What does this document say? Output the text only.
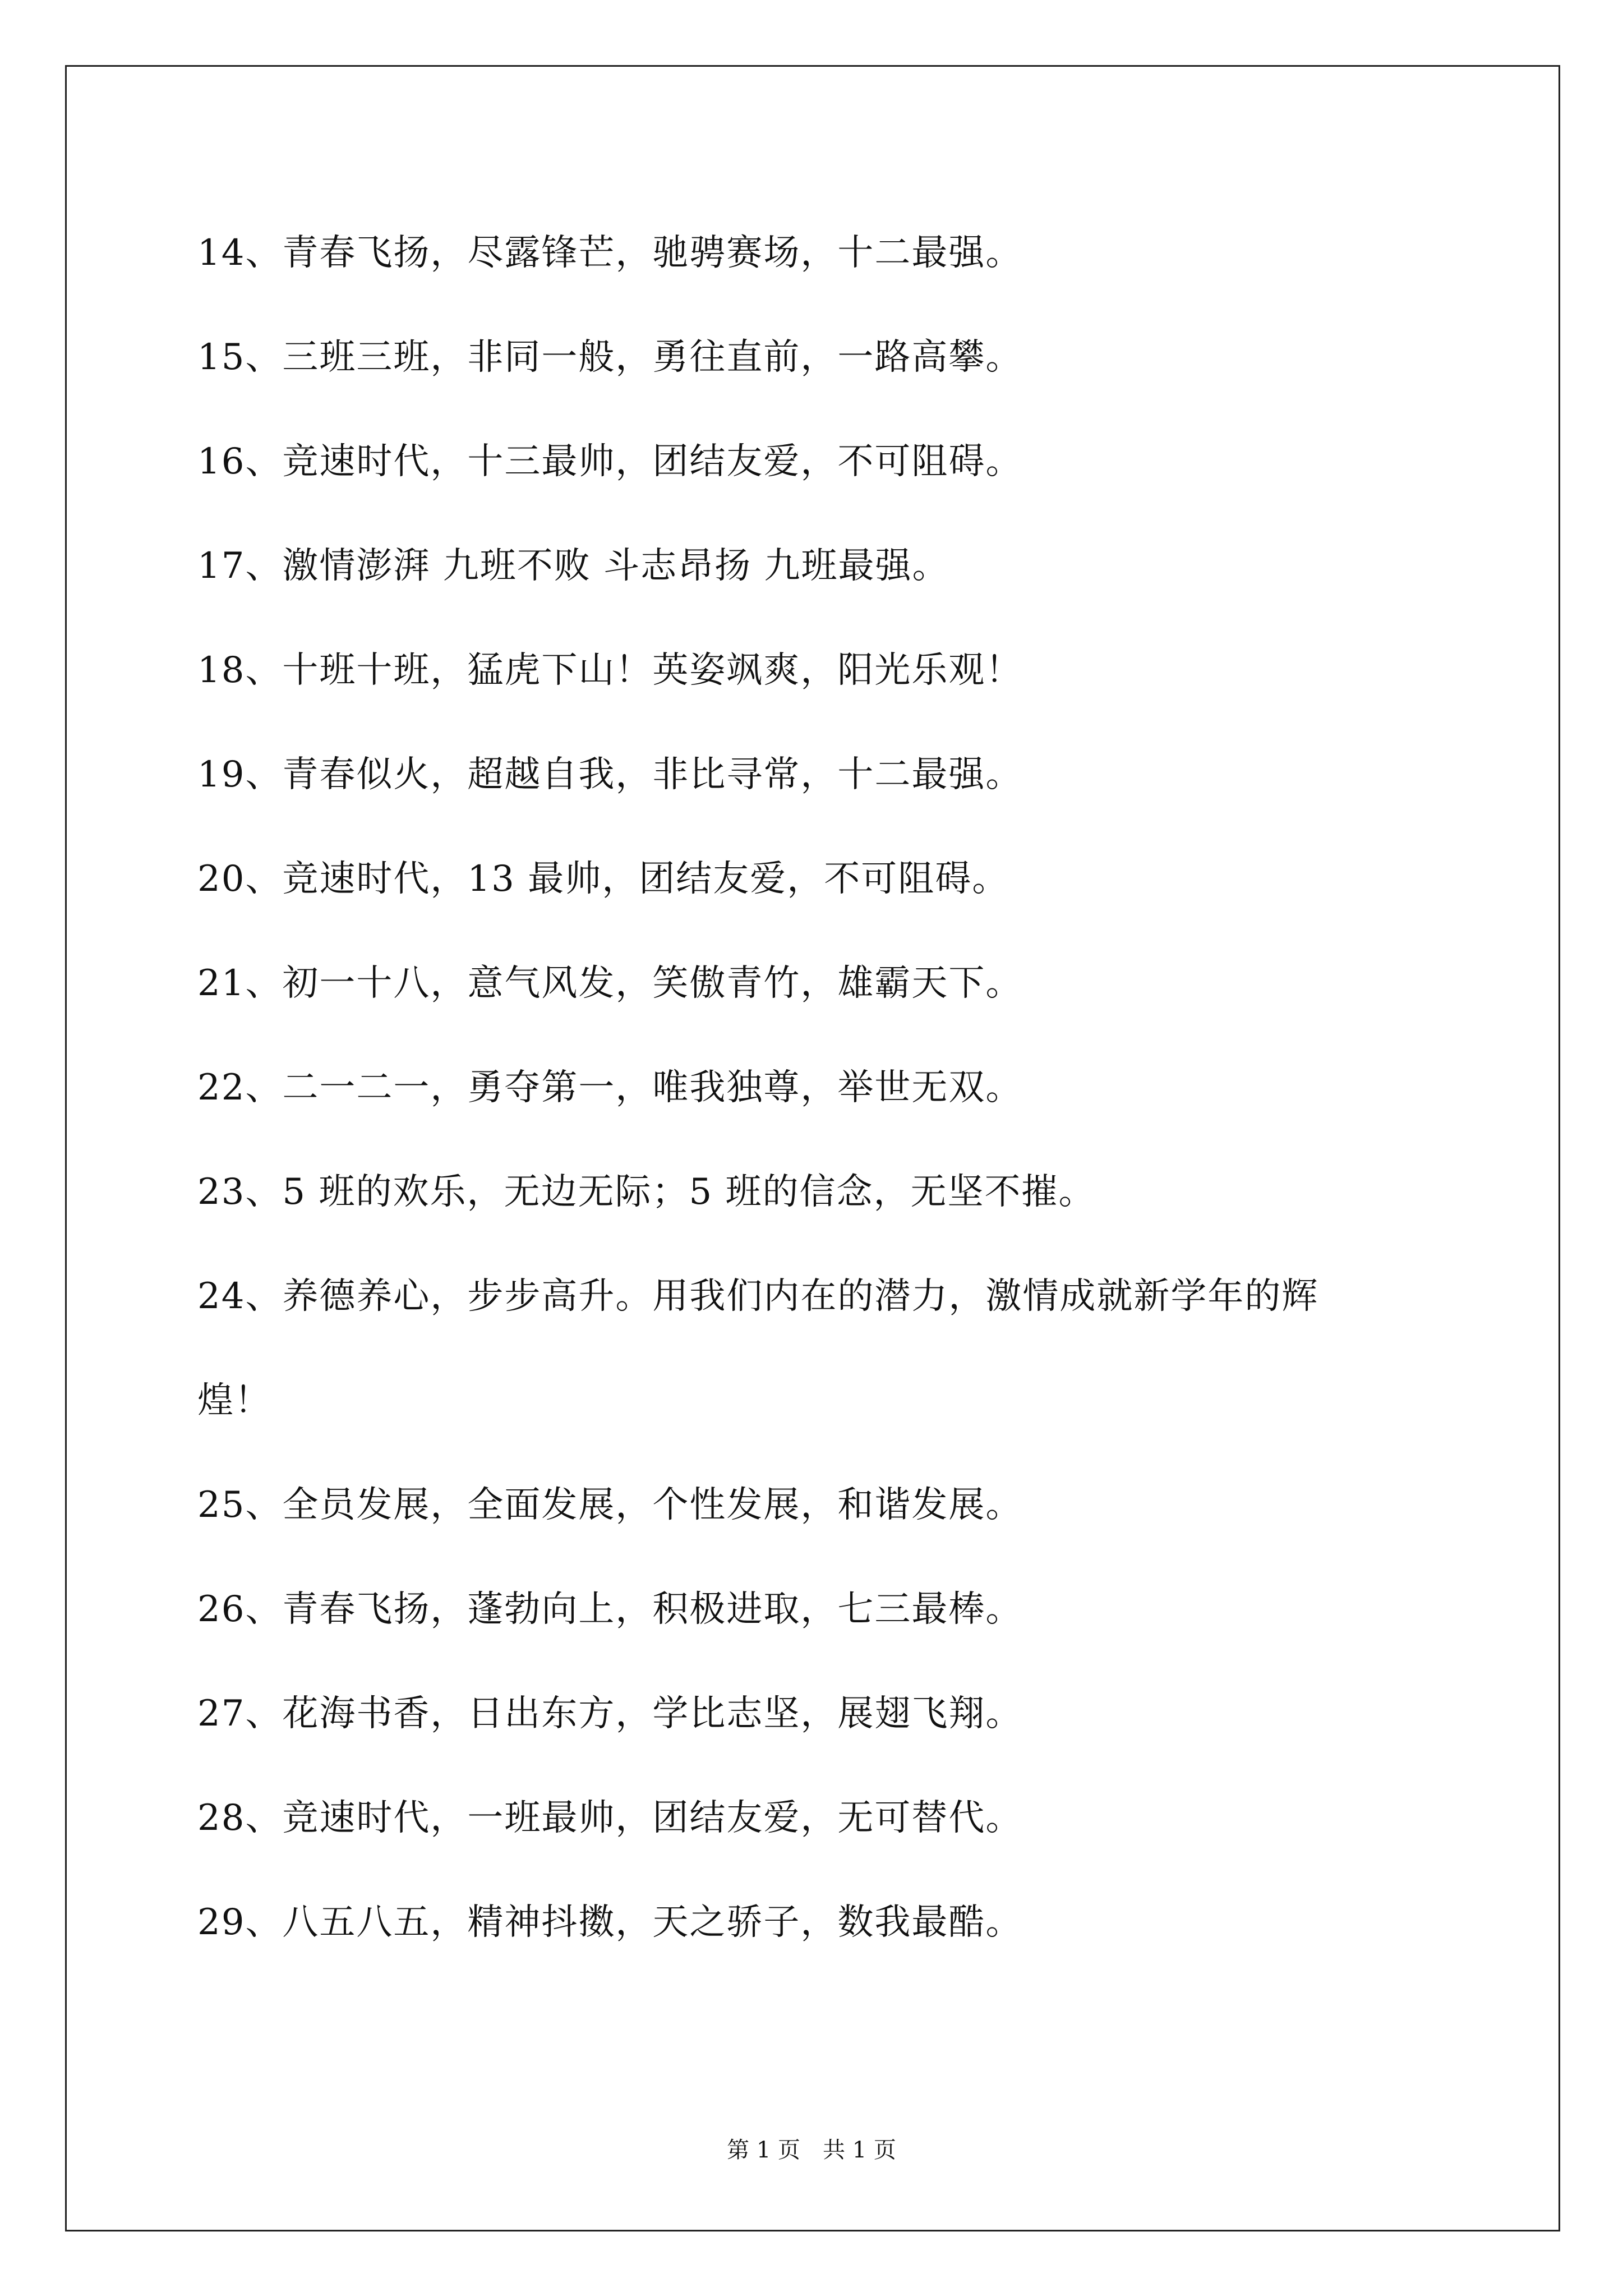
14、青春飞扬，尽露锋芒，驰骋赛场，十二最强。
15、三班三班，非同一般，勇往直前，一路高攀。
16、竞速时代，十三最帅，团结友爱，不可阻碍。
17、激情澎湃 九班不败 斗志昂扬 九班最强。
18、十班十班，猛虎下山！英姿飒爽，阳光乐观！
19、青春似火，超越自我，非比寻常，十二最强。
20、竞速时代，13 最帅，团结友爱，不可阻碍。
21、初一十八，意气风发，笑傲青竹，雄霸天下。
22、二一二一，勇夺第一，唯我独尊，举世无双。
23、5 班的欢乐，无边无际；5 班的信念，无坚不摧。
24、养德养心，步步高升。用我们内在的潜力，激情成就新学年的辉
煌！
25、全员发展，全面发展，个性发展，和谐发展。
26、青春飞扬，蓬勃向上，积极进取，七三最棒。
27、花海书香，日出东方，学比志坚，展翅飞翔。
28、竞速时代，一班最帅，团结友爱，无可替代。
29、八五八五，精神抖擞，天之骄子，数我最酷。
第 1 页　共 1 页
